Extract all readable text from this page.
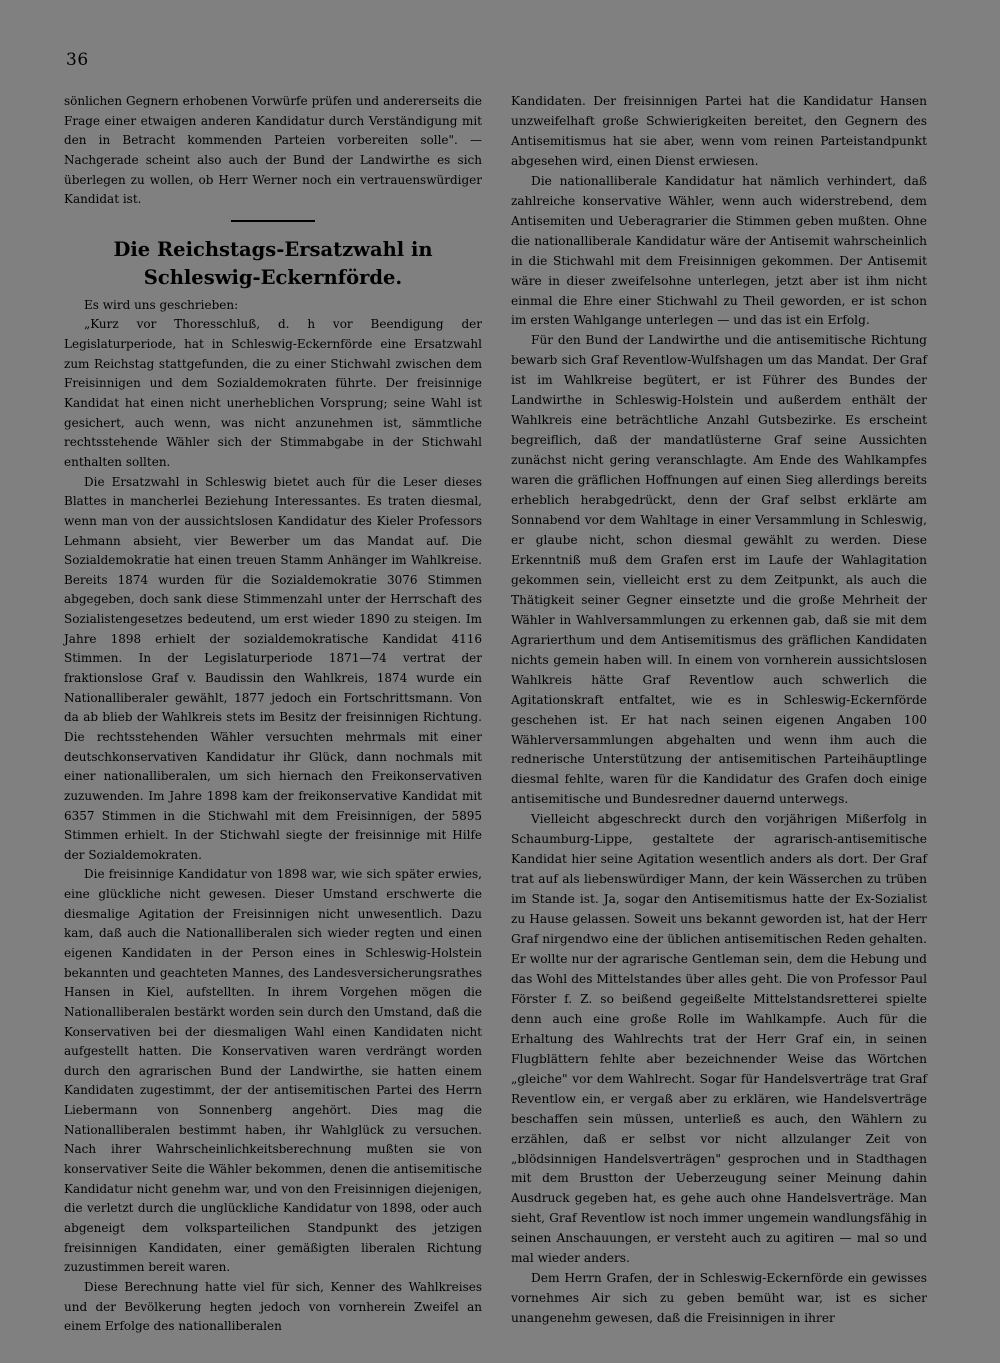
36

sönlichen Gegnern erhobenen Vorwürfe prüfen und andererseits die Frage einer etwaigen anderen Kandidatur durch Verständigung mit den in Betracht kommenden Parteien vorbereiten solle". — Nachgerade scheint also auch der Bund der Landwirthe es sich überlegen zu wollen, ob Herr Werner noch ein vertrauenswürdiger Kandidat ist.

Die Reichstags-Ersatzwahl in Schleswig-Eckernförde.

Es wird uns geschrieben:

„Kurz vor Thoresschluß, d. h vor Beendigung der Legislaturperiode, hat in Schleswig-Eckernförde eine Ersatzwahl zum Reichstag stattgefunden, die zu einer Stichwahl zwischen dem Freisinnigen und dem Sozialdemokraten führte. Der freisinnige Kandidat hat einen nicht unerheblichen Vorsprung; seine Wahl ist gesichert, auch wenn, was nicht anzunehmen ist, sämmtliche rechtsstehende Wähler sich der Stimmabgabe in der Stichwahl enthalten sollten.

Die Ersatzwahl in Schleswig bietet auch für die Leser dieses Blattes in mancherlei Beziehung Interessantes. Es traten diesmal, wenn man von der aussichtslosen Kandidatur des Kieler Professors Lehmann absieht, vier Bewerber um das Mandat auf. Die Sozialdemokratie hat einen treuen Stamm Anhänger im Wahlkreise. Bereits 1874 wurden für die Sozialdemokratie 3076 Stimmen abgegeben, doch sank diese Stimmenzahl unter der Herrschaft des Sozialistengesetzes bedeutend, um erst wieder 1890 zu steigen. Im Jahre 1898 erhielt der sozialdemokratische Kandidat 4116 Stimmen. In der Legislaturperiode 1871—74 vertrat der fraktionslose Graf v. Baudissin den Wahlkreis, 1874 wurde ein Nationalliberaler gewählt, 1877 jedoch ein Fortschrittsmann. Von da ab blieb der Wahlkreis stets im Besitz der freisinnigen Richtung. Die rechtsstehenden Wähler versuchten mehrmals mit einer deutschkonservativen Kandidatur ihr Glück, dann nochmals mit einer nationalliberalen, um sich hiernach den Freikonservativen zuzuwenden. Im Jahre 1898 kam der freikonservative Kandidat mit 6357 Stimmen in die Stichwahl mit dem Freisinnigen, der 5895 Stimmen erhielt. In der Stichwahl siegte der freisinnige mit Hilfe der Sozialdemokraten.

Die freisinnige Kandidatur von 1898 war, wie sich später erwies, eine glückliche nicht gewesen. Dieser Umstand erschwerte die diesmalige Agitation der Freisinnigen nicht unwesentlich. Dazu kam, daß auch die Nationalliberalen sich wieder regten und einen eigenen Kandidaten in der Person eines in Schleswig-Holstein bekannten und geachteten Mannes, des Landesversicherungsrathes Hansen in Kiel, aufstellten. In ihrem Vorgehen mögen die Nationalliberalen bestärkt worden sein durch den Umstand, daß die Konservativen bei der diesmaligen Wahl einen Kandidaten nicht aufgestellt hatten. Die Konservativen waren verdrängt worden durch den agrarischen Bund der Landwirthe, sie hatten einem Kandidaten zugestimmt, der der antisemitischen Partei des Herrn Liebermann von Sonnenberg angehört. Dies mag die Nationalliberalen bestimmt haben, ihr Wahlglück zu versuchen. Nach ihrer Wahrscheinlichkeitsberechnung mußten sie von konservativer Seite die Wähler bekommen, denen die antisemitische Kandidatur nicht genehm war, und von den Freisinnigen diejenigen, die verletzt durch die unglückliche Kandidatur von 1898, oder auch abgeneigt dem volksparteilichen Standpunkt des jetzigen freisinnigen Kandidaten, einer gemäßigten liberalen Richtung zuzustimmen bereit waren.

Diese Berechnung hatte viel für sich, Kenner des Wahlkreises und der Bevölkerung hegten jedoch von vornherein Zweifel an einem Erfolge des nationalliberalen

Kandidaten. Der freisinnigen Partei hat die Kandidatur Hansen unzweifelhaft große Schwierigkeiten bereitet, den Gegnern des Antisemitismus hat sie aber, wenn vom reinen Parteistandpunkt abgesehen wird, einen Dienst erwiesen.

Die nationalliberale Kandidatur hat nämlich verhindert, daß zahlreiche konservative Wähler, wenn auch widerstrebend, dem Antisemiten und Ueberagrarier die Stimmen geben mußten. Ohne die nationalliberale Kandidatur wäre der Antisemit wahrscheinlich in die Stichwahl mit dem Freisinnigen gekommen. Der Antisemit wäre in dieser zweifelsohne unterlegen, jetzt aber ist ihm nicht einmal die Ehre einer Stichwahl zu Theil geworden, er ist schon im ersten Wahlgange unterlegen — und das ist ein Erfolg.

Für den Bund der Landwirthe und die antisemitische Richtung bewarb sich Graf Reventlow-Wulfshagen um das Mandat. Der Graf ist im Wahlkreise begütert, er ist Führer des Bundes der Landwirthe in Schleswig-Holstein und außerdem enthält der Wahlkreis eine beträchtliche Anzahl Gutsbezirke. Es erscheint begreiflich, daß der mandatlüsterne Graf seine Aussichten zunächst nicht gering veranschlagte. Am Ende des Wahlkampfes waren die gräflichen Hoffnungen auf einen Sieg allerdings bereits erheblich herabgedrückt, denn der Graf selbst erklärte am Sonnabend vor dem Wahltage in einer Versammlung in Schleswig, er glaube nicht, schon diesmal gewählt zu werden. Diese Erkenntniß muß dem Grafen erst im Laufe der Wahlagitation gekommen sein, vielleicht erst zu dem Zeitpunkt, als auch die Thätigkeit seiner Gegner einsetzte und die große Mehrheit der Wähler in Wahlversammlungen zu erkennen gab, daß sie mit dem Agrarierthum und dem Antisemitismus des gräflichen Kandidaten nichts gemein haben will. In einem von vornherein aussichtslosen Wahlkreis hätte Graf Reventlow auch schwerlich die Agitationskraft entfaltet, wie es in Schleswig-Eckernförde geschehen ist. Er hat nach seinen eigenen Angaben 100 Wählerversammlungen abgehalten und wenn ihm auch die rednerische Unterstützung der antisemitischen Parteihäuptlinge diesmal fehlte, waren für die Kandidatur des Grafen doch einige antisemitische und Bundesredner dauernd unterwegs.

Vielleicht abgeschreckt durch den vorjährigen Mißerfolg in Schaumburg-Lippe, gestaltete der agrarisch-antisemitische Kandidat hier seine Agitation wesentlich anders als dort. Der Graf trat auf als liebenswürdiger Mann, der kein Wässerchen zu trüben im Stande ist. Ja, sogar den Antisemitismus hatte der Ex-Sozialist zu Hause gelassen. Soweit uns bekannt geworden ist, hat der Herr Graf nirgendwo eine der üblichen antisemitischen Reden gehalten. Er wollte nur der agrarische Gentleman sein, dem die Hebung und das Wohl des Mittelstandes über alles geht. Die von Professor Paul Förster f. Z. so beißend gegeißelte Mittelstandsretterei spielte denn auch eine große Rolle im Wahlkampfe. Auch für die Erhaltung des Wahlrechts trat der Herr Graf ein, in seinen Flugblättern fehlte aber bezeichnender Weise das Wörtchen „gleiche" vor dem Wahlrecht. Sogar für Handelsverträge trat Graf Reventlow ein, er vergaß aber zu erklären, wie Handelsverträge beschaffen sein müssen, unterließ es auch, den Wählern zu erzählen, daß er selbst vor nicht allzulanger Zeit von „blödsinnigen Handelsverträgen" gesprochen und in Stadthagen mit dem Brustton der Ueberzeugung seiner Meinung dahin Ausdruck gegeben hat, es gehe auch ohne Handelsverträge. Man sieht, Graf Reventlow ist noch immer ungemein wandlungsfähig in seinen Anschauungen, er versteht auch zu agitiren — mal so und mal wieder anders.

Dem Herrn Grafen, der in Schleswig-Eckernförde ein gewisses vornehmes Air sich zu geben bemüht war, ist es sicher unangenehm gewesen, daß die Freisinnigen in ihrer
